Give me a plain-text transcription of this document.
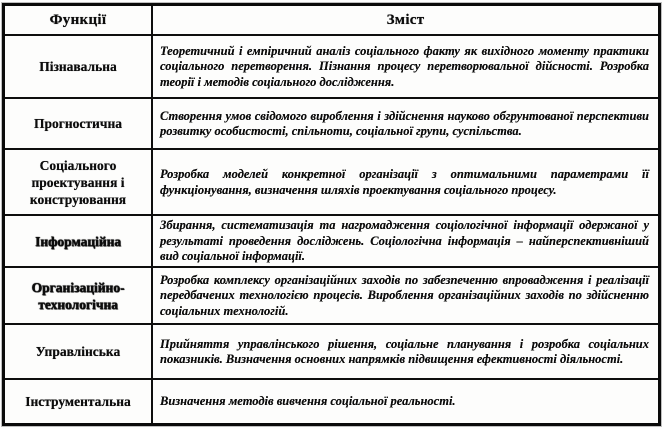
Функції	Зміст
Пізнавальна
Теоретичний і емпіричний аналіз соціального факту як вихідного моменту практики соціального перетворення. Пізнання процесу перетворювальної дійсності. Розробка теорії і методів соціального дослідження.
Прогностична
Створення умов свідомого вироблення і здійснення науково обгрунтованої перспективи розвитку особистості, спільноти, соціальної групи, суспільства.
Соціального проектування і конструювання
Розробка моделей конкретної організації з оптимальними параметрами її функціонування, визначення шляхів проектування соціального процесу.
Інформаційна
Збирання, систематизація та нагромадження соціологічної інформації одержаної у результаті проведення досліджень. Соціологічна інформація – найперспективніший вид соціальної інформації.
Організаційно-технологічна
Розробка комплексу організаційних заходів по забезпеченню впровадження і реалізації передбачених технологією процесів. Вироблення організаційних заходів по здійсненню соціальних технологій.
Управлінська
Прийняття управлінського рішення, соціальне планування і розробка соціальних показників. Визначення основних напрямків підвищення ефективності діяльності.
Інструментальна	Визначення методів вивчення соціальної реальності.
